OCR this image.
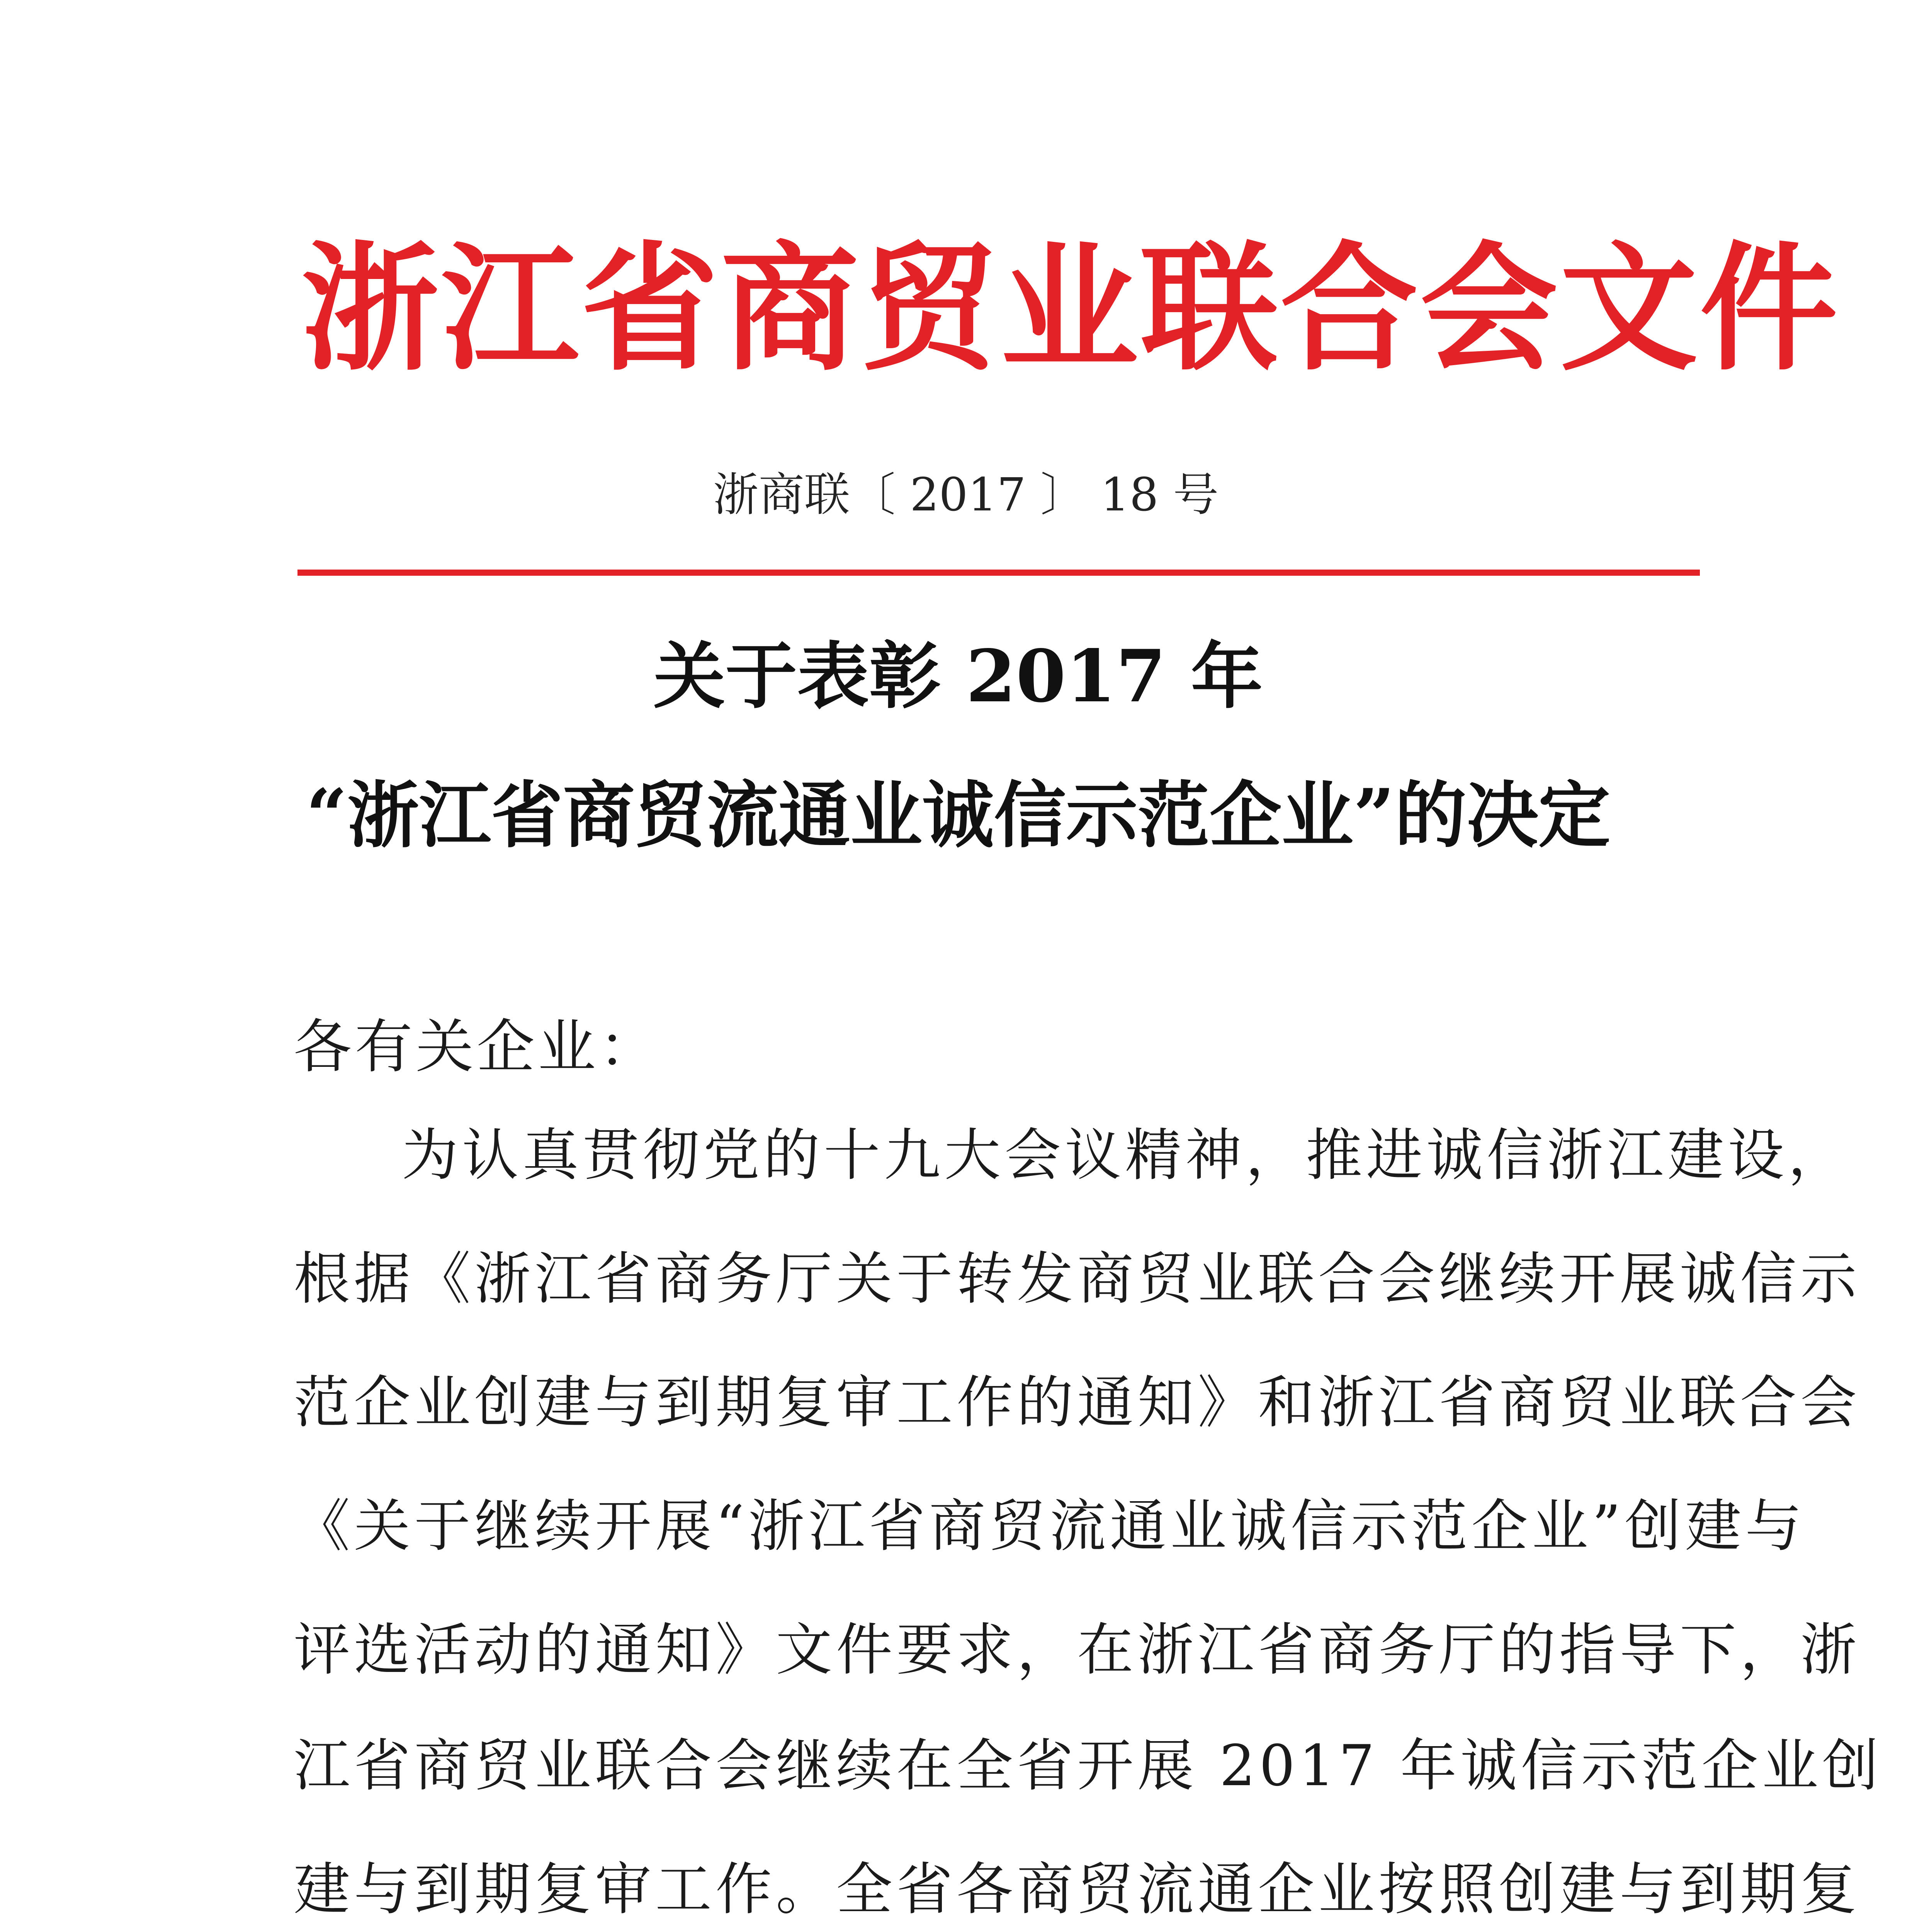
浙江省商贸业联合会文件
浙商联〔 2017 〕 18 号
关于表彰 2017 年
“浙江省商贸流通业诚信示范企业”的决定
各有关企业：
为认真贯彻党的十九大会议精神，推进诚信浙江建设，
根据《浙江省商务厅关于转发商贸业联合会继续开展诚信示
范企业创建与到期复审工作的通知》和浙江省商贸业联合会
《关于继续开展“浙江省商贸流通业诚信示范企业”创建与
评选活动的通知》文件要求，在浙江省商务厅的指导下，浙
江省商贸业联合会继续在全省开展 2017 年诚信示范企业创
建与到期复审工作。全省各商贸流通企业按照创建与到期复
